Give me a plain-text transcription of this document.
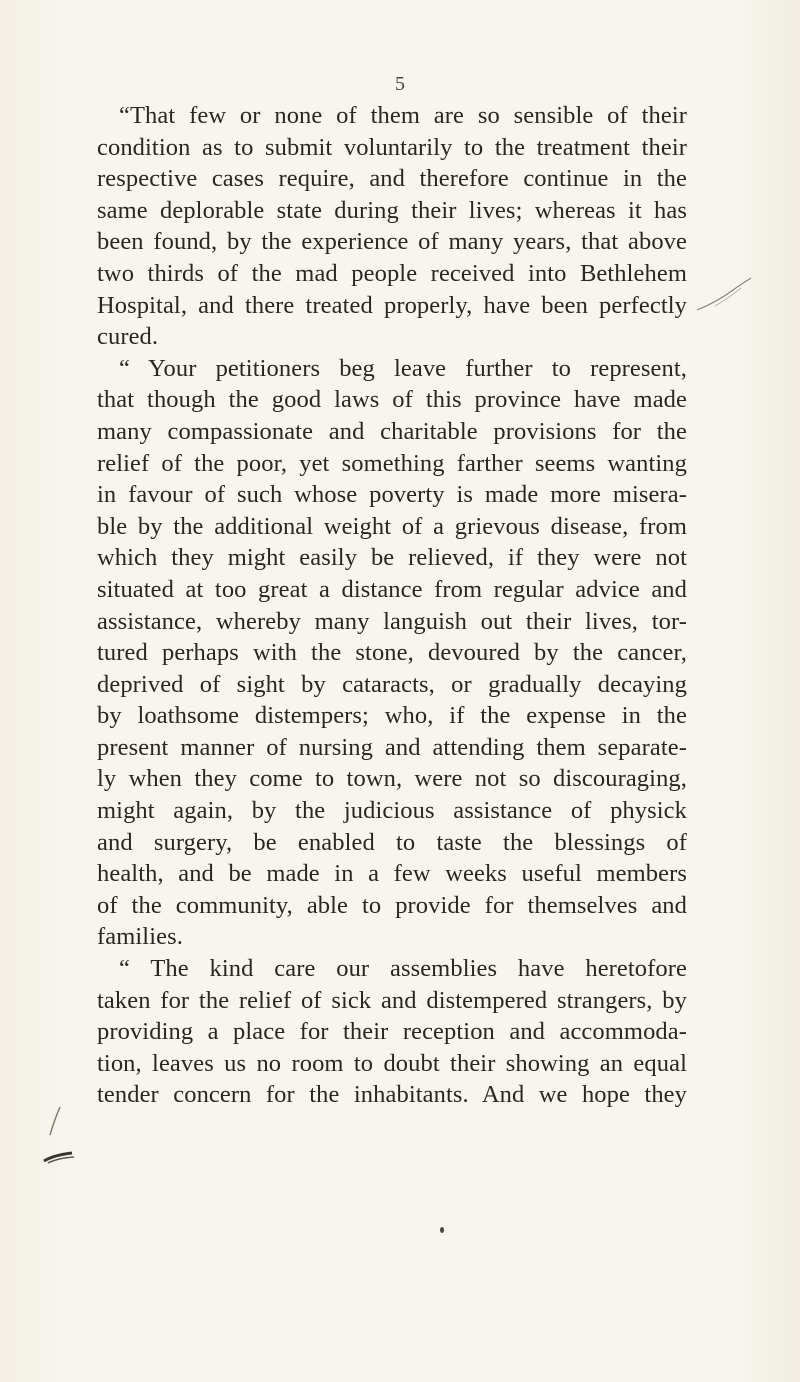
5
“That few or none of them are so sensible of their
condition as to submit voluntarily to the treatment their
respective cases require, and therefore continue in the
same deplorable state during their lives; whereas it has
been found, by the experience of many years, that above
two thirds of the mad people received into Bethlehem
Hospital, and there treated properly, have been perfectly
cured.
“ Your petitioners beg leave further to represent,
that though the good laws of this province have made
many compassionate and charitable provisions for the
relief of the poor, yet something farther seems wanting
in favour of such whose poverty is made more misera-
ble by the additional weight of a grievous disease, from
which they might easily be relieved, if they were not
situated at too great a distance from regular advice and
assistance, whereby many languish out their lives, tor-
tured perhaps with the stone, devoured by the cancer,
deprived of sight by cataracts, or gradually decaying
by loathsome distempers; who, if the expense in the
present manner of nursing and attending them separate-
ly when they come to town, were not so discouraging,
might again, by the judicious assistance of physick
and surgery, be enabled to taste the blessings of
health, and be made in a few weeks useful members
of the community, able to provide for themselves and
families.
“ The kind care our assemblies have heretofore
taken for the relief of sick and distempered strangers, by
providing a place for their reception and accommoda-
tion, leaves us no room to doubt their showing an equal
tender concern for the inhabitants. And we hope they
